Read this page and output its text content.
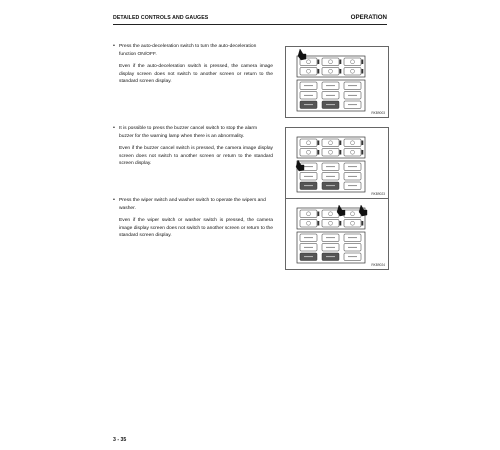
DETAILED CONTROLS AND GAUGES	OPERATION
• Press the auto-deceleration switch to turn the auto-deceleration function ON/OFF.
Even if the auto-deceleration switch is pressed, the camera image display screen does not switch to another screen or return to the standard screen display.
RKB9003
• It is possible to press the buzzer cancel switch to stop the alarm buzzer for the warning lamp when there is an abnormality.
Even if the buzzer cancel switch is pressed, the camera image display screen does not switch to another screen or return to the standard screen display.
RKB9023
• Press the wiper switch and washer switch to operate the wipers and washer.
Even if the wiper switch or washer switch is pressed, the camera image display screen does not switch to another screen or return to the standard screen display.
RKB9024
3 - 35
